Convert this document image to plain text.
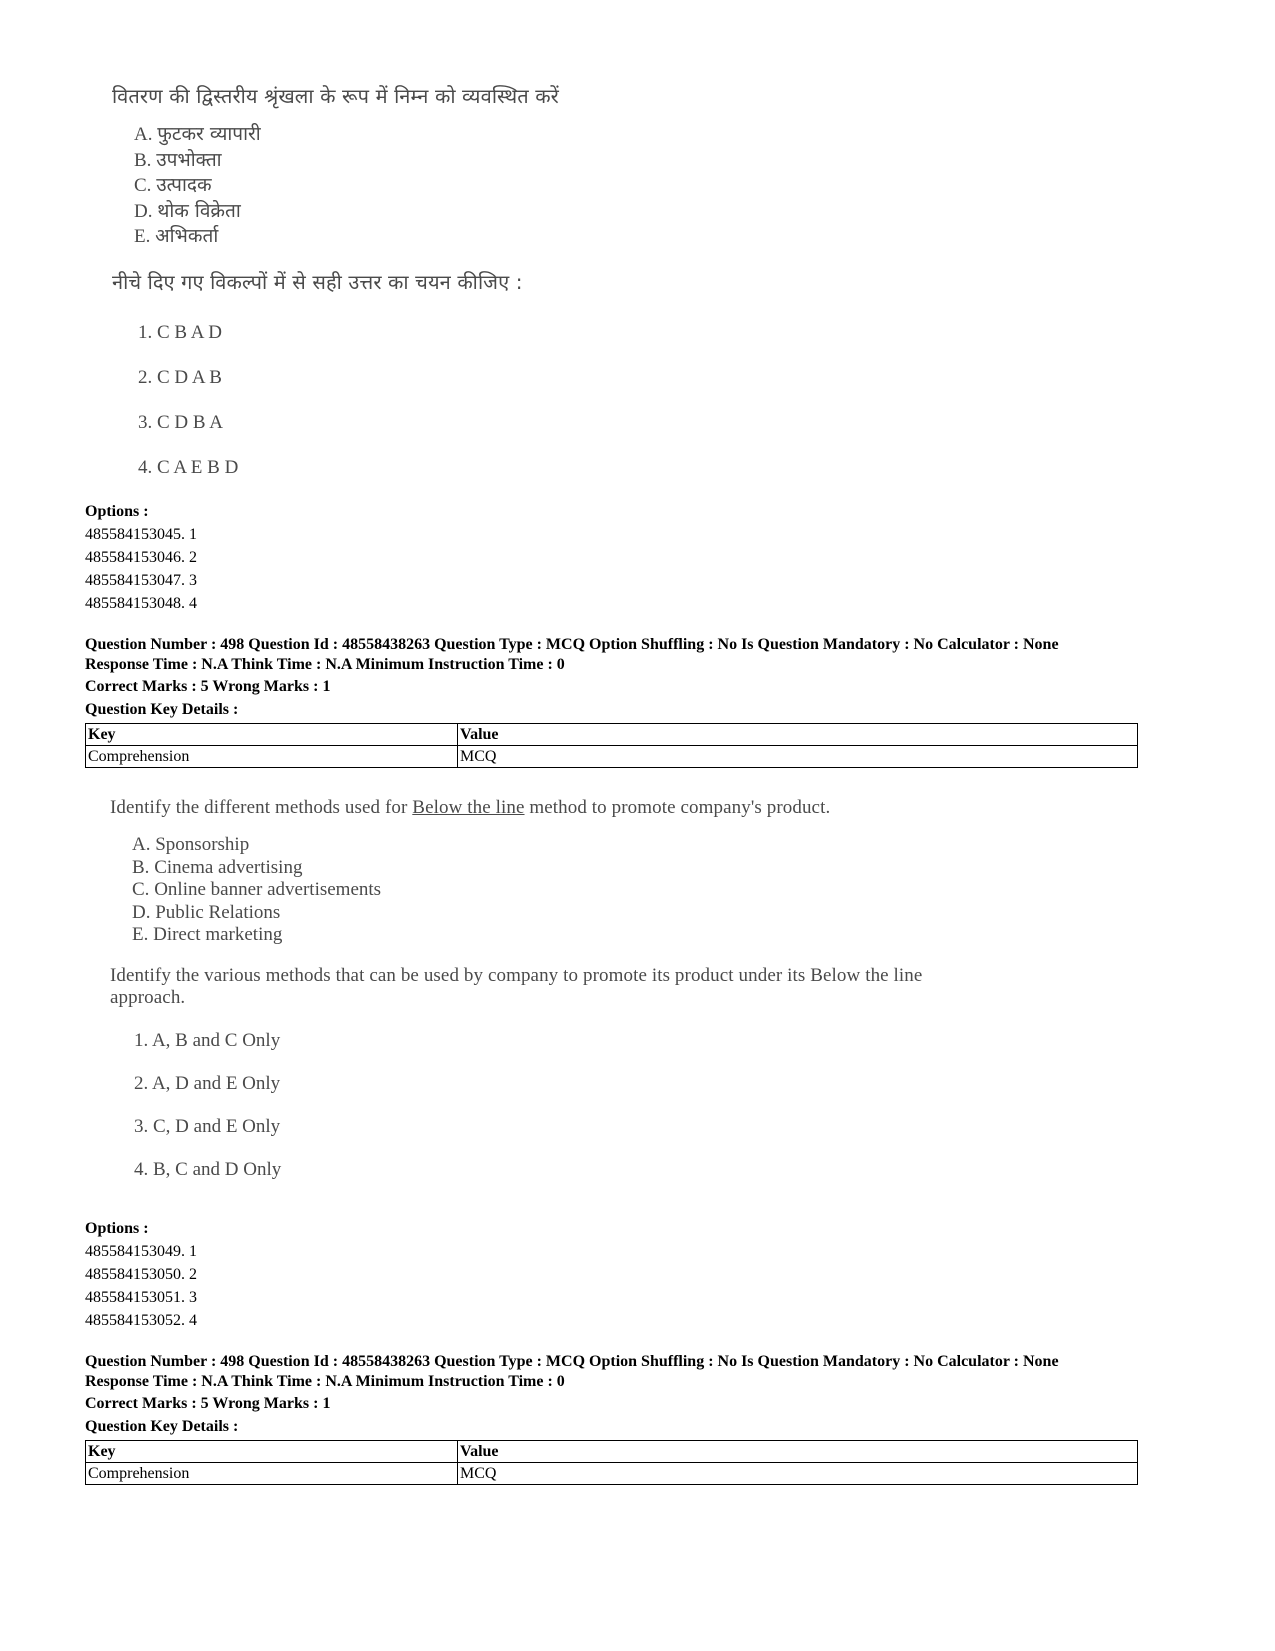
वितरण की द्विस्तरीय श्रृंखला के रूप में निम्न को व्यवस्थित करें
A. फुटकर व्यापारी
B. उपभोक्ता
C. उत्पादक
D. थोक विक्रेता
E. अभिकर्ता
नीचे दिए गए विकल्पों में से सही उत्तर का चयन कीजिए :
1. C B A D
2. C D A B
3. C D B A
4. C A E B D
Options :
485584153045. 1
485584153046. 2
485584153047. 3
485584153048. 4
Question Number : 498 Question Id : 48558438263 Question Type : MCQ Option Shuffling : No Is Question Mandatory : No Calculator : None
Response Time : N.A Think Time : N.A Minimum Instruction Time : 0
Correct Marks : 5 Wrong Marks : 1
Question Key Details :
Key	Value
Comprehension	MCQ
Identify the different methods used for Below the line method to promote company's product.
A. Sponsorship
B. Cinema advertising
C. Online banner advertisements
D. Public Relations
E. Direct marketing
Identify the various methods that can be used by company to promote its product under its Below the line
approach.
1. A, B and C Only
2. A, D and E Only
3. C, D and E Only
4. B, C and D Only
Options :
485584153049. 1
485584153050. 2
485584153051. 3
485584153052. 4
Question Number : 498 Question Id : 48558438263 Question Type : MCQ Option Shuffling : No Is Question Mandatory : No Calculator : None
Response Time : N.A Think Time : N.A Minimum Instruction Time : 0
Correct Marks : 5 Wrong Marks : 1
Question Key Details :
Key	Value
Comprehension	MCQ
